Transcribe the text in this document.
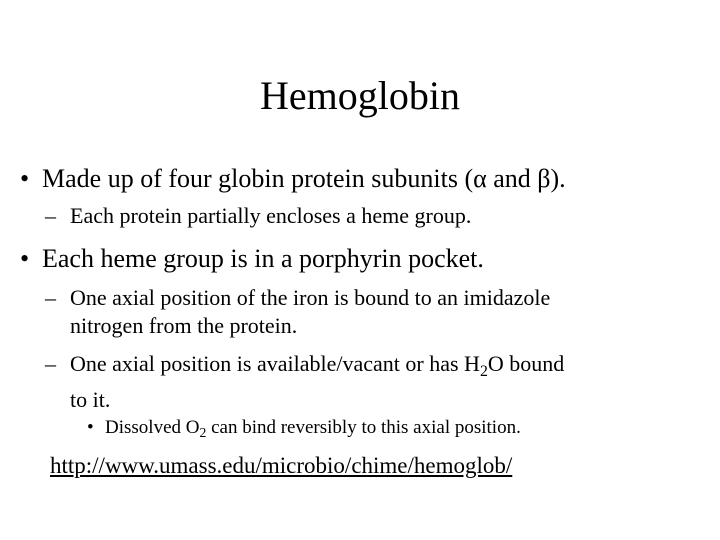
Hemoglobin
• Made up of four globin protein subunits (α and β).
– Each protein partially encloses a heme group.
• Each heme group is in a porphyrin pocket.
– One axial position of the iron is bound to an imidazole
nitrogen from the protein.
– One axial position is available/vacant or has $H_2O$ bound
to it.
• Dissolved $O_2$ can bind reversibly to this axial position.
http://www.umass.edu/microbio/chime/hemoglob/
